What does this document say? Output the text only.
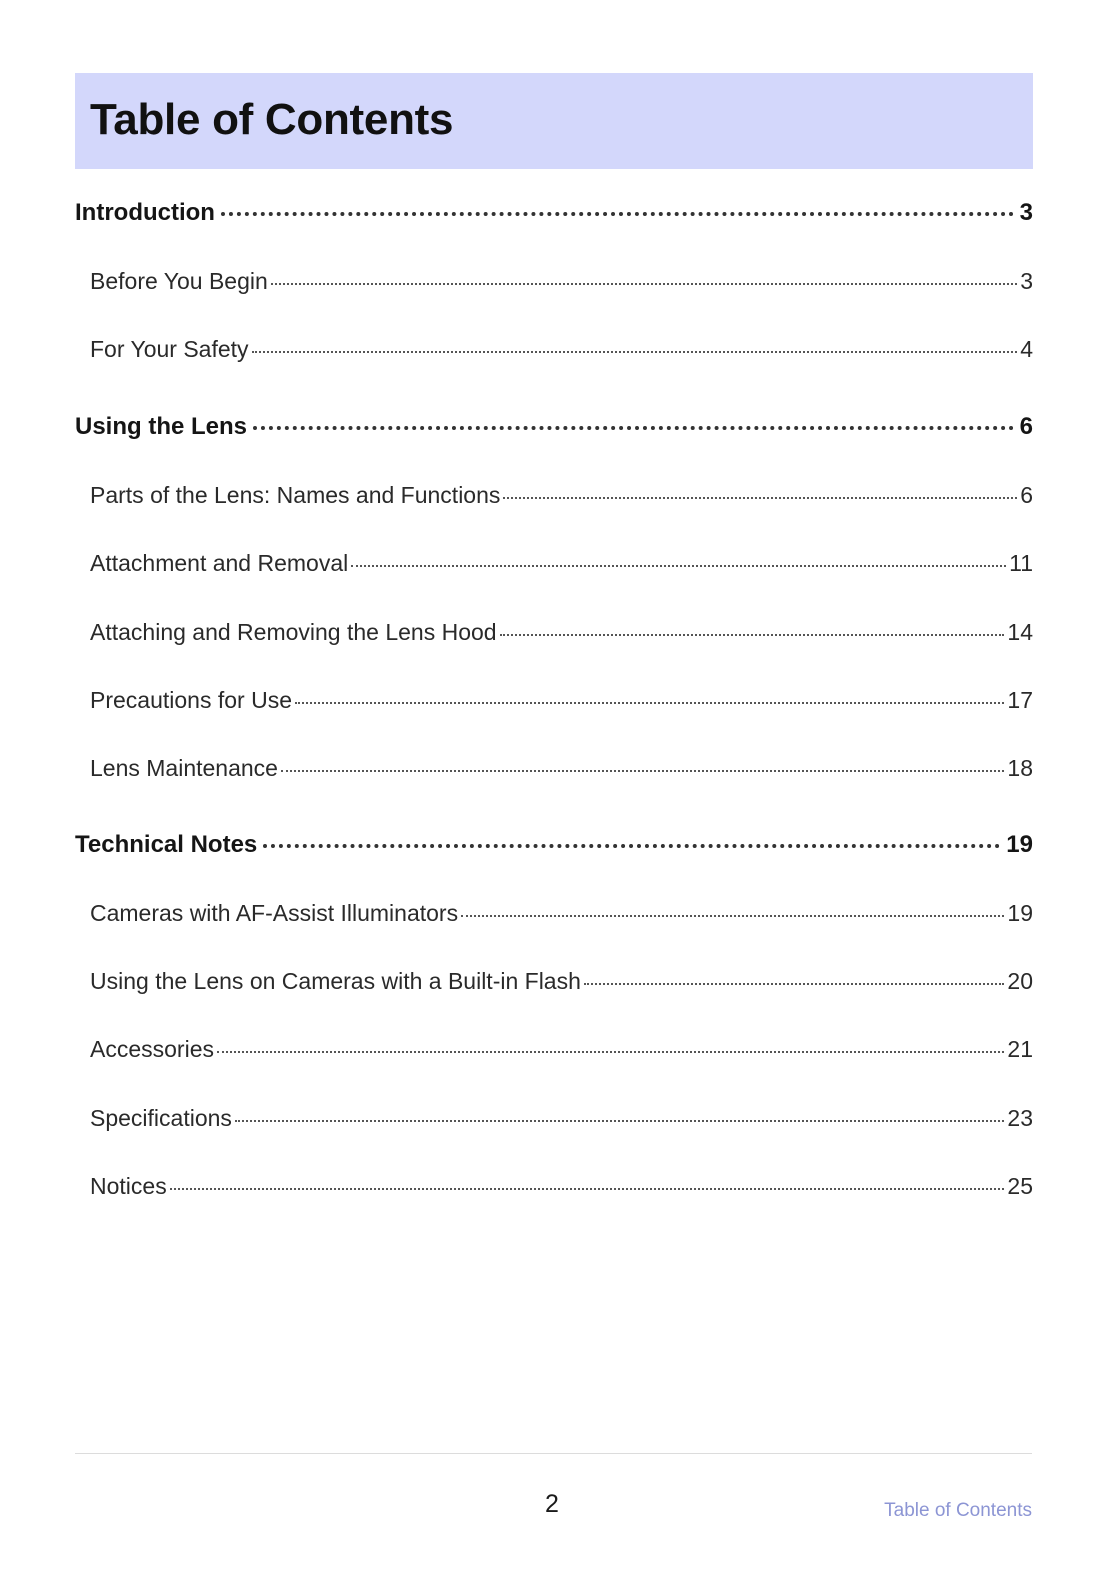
Table of Contents
Introduction	3
Before You Begin	3
For Your Safety	4
Using the Lens	6
Parts of the Lens: Names and Functions	6
Attachment and Removal	11
Attaching and Removing the Lens Hood	14
Precautions for Use	17
Lens Maintenance	18
Technical Notes	19
Cameras with AF-Assist Illuminators	19
Using the Lens on Cameras with a Built-in Flash	20
Accessories	21
Specifications	23
Notices	25
2	Table of Contents
